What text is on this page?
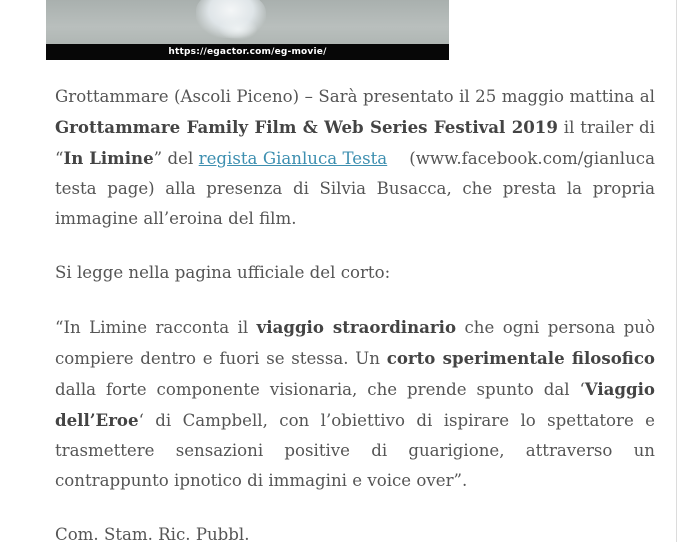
https://egactor.com/eg-movie/

Grottammare (Ascoli Piceno) – Sarà presentato il 25 maggio mattina al Grottammare Family Film & Web Series Festival 2019 il trailer di “In Limine” del regista Gianluca Testa (www.facebook.com/gianluca testa page) alla presenza di Silvia Busacca, che presta la propria immagine all’eroina del film.

Si legge nella pagina ufficiale del corto:

“In Limine racconta il viaggio straordinario che ogni persona può compiere dentro e fuori se stessa. Un corto sperimentale filosofico dalla forte componente visionaria, che prende spunto dal ‘Viaggio dell’Eroe‘ di Campbell, con l’obiettivo di ispirare lo spettatore e trasmettere sensazioni positive di guarigione, attraverso un contrappunto ipnotico di immagini e voice over”.

Com. Stam. Ric. Pubbl.
